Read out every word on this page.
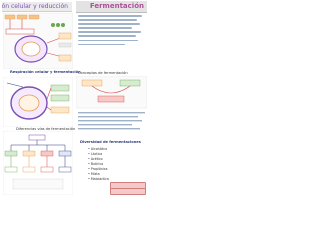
ón celular y reducción	Fermentación
Respiración celular y fermentación
Diferencias vías de fermentación
Conceptos de fermentación
Diversidad de fermentaciones
• Alcohólica
• Láctica
• Acético
• Butírico
• Propiónica
• Mixta
• Malolactica
